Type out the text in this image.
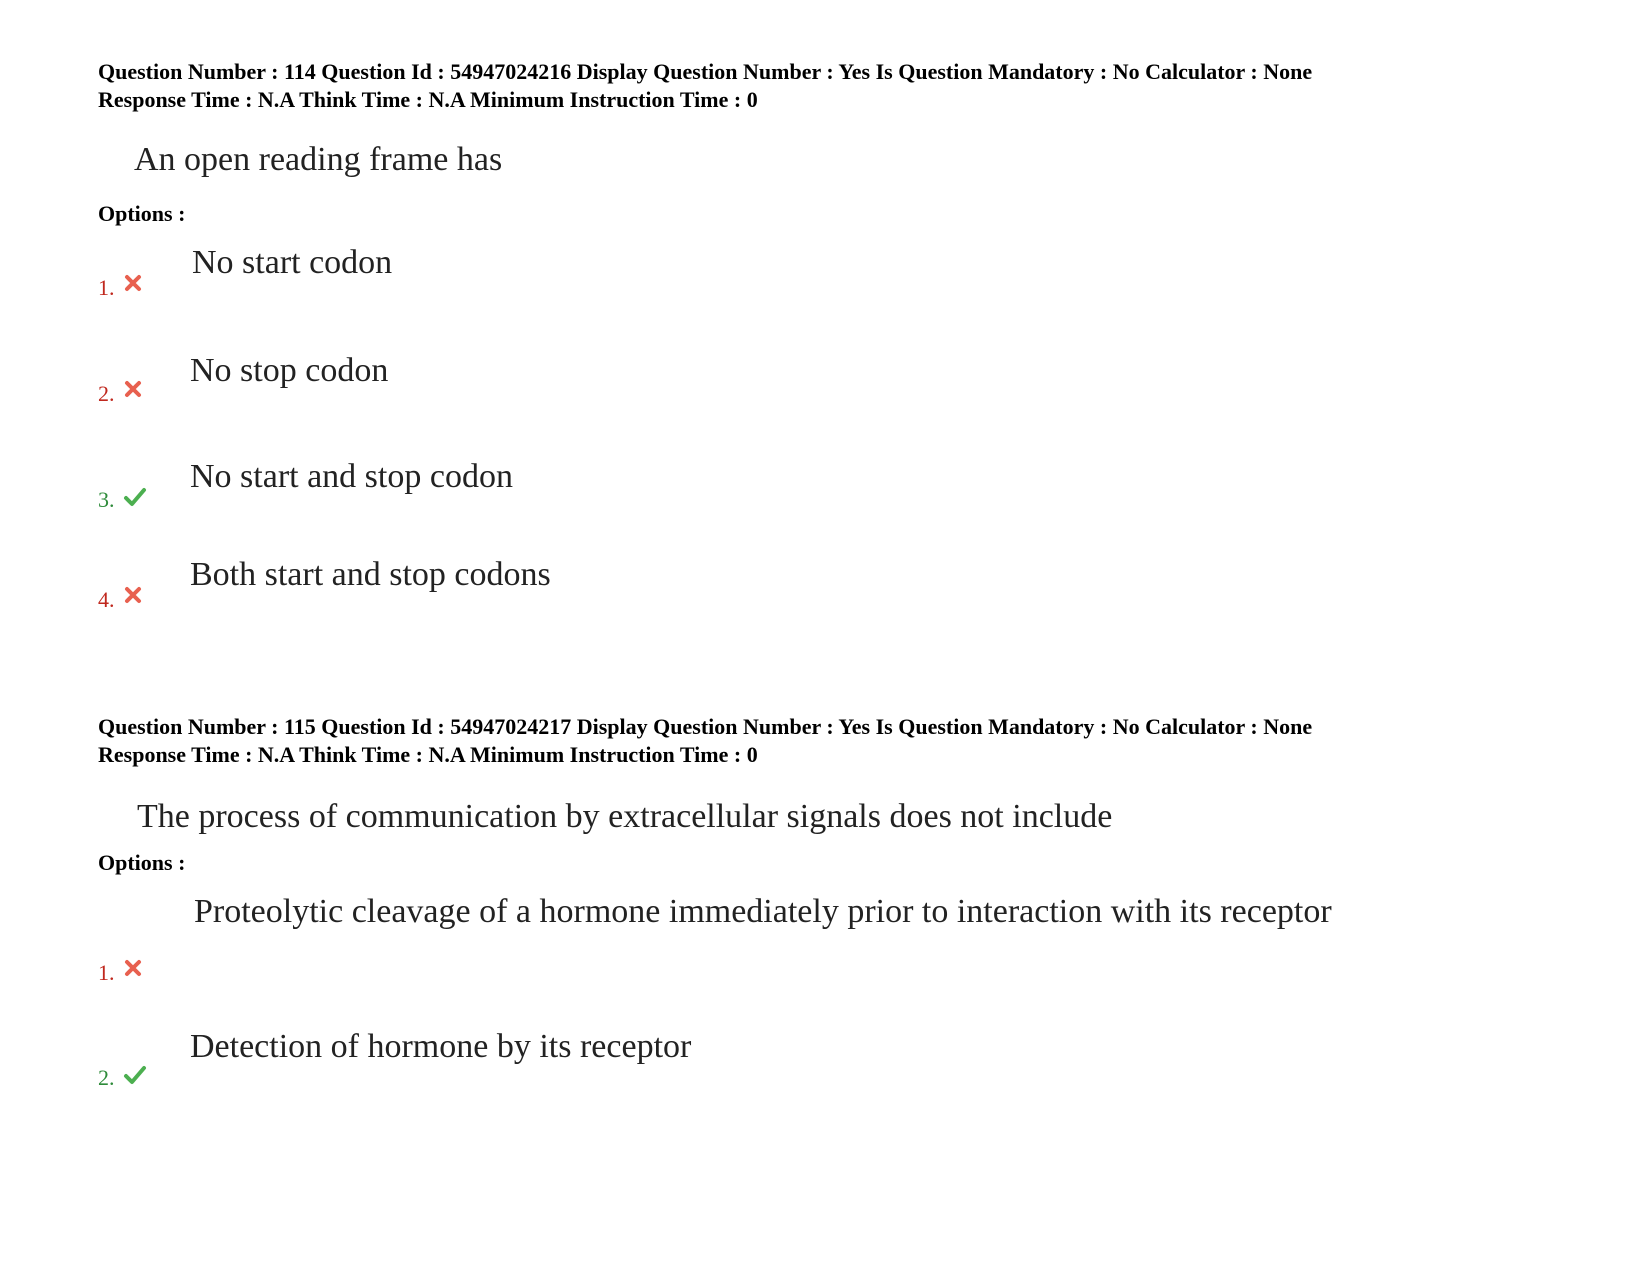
Question Number : 114 Question Id : 54947024216 Display Question Number : Yes Is Question Mandatory : No Calculator : None
Response Time : N.A Think Time : N.A Minimum Instruction Time : 0
An open reading frame has
Options :
1.
No start codon
2.
No stop codon
3.
No start and stop codon
4.
Both start and stop codons
Question Number : 115 Question Id : 54947024217 Display Question Number : Yes Is Question Mandatory : No Calculator : None
Response Time : N.A Think Time : N.A Minimum Instruction Time : 0
The process of communication by extracellular signals does not include
Options :
1.
Proteolytic cleavage of a hormone immediately prior to interaction with its receptor
2.
Detection of hormone by its receptor
